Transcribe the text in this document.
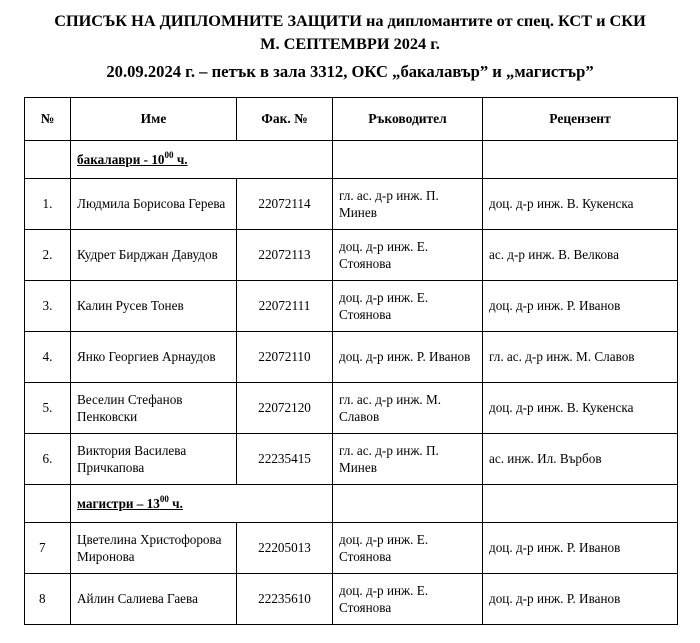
СПИСЪК НА ДИПЛОМНИТЕ ЗАЩИТИ на дипломантите от спец. КСТ и СКИ
М. СЕПТЕМВРИ 2024 г.
20.09.2024 г. – петък в зала 3312, ОКС „бакалавър” и „магистър”
№	Име	Фак. №	Ръководител	Рецензент
	бакалаври - $10^{00}$ ч.			
1.	Людмила Борисова Герева	22072114	гл. ас. д-р инж. П. Минев	доц. д-р инж. В. Кукенска
2.	Кудрет Бирджан Давудов	22072113	доц. д-р инж. Е. Стоянова	ас. д-р инж. В. Велкова
3.	Калин Русев Тонев	22072111	доц. д-р инж. Е. Стоянова	доц. д-р инж. Р. Иванов
4.	Янко Георгиев Арнаудов	22072110	доц. д-р инж. Р. Иванов	гл. ас. д-р инж. М. Славов
5.	Веселин Стефанов Пенковски	22072120	гл. ас. д-р инж. М. Славов	доц. д-р инж. В. Кукенска
6.	Виктория Василева Причкапова	22235415	гл. ас. д-р инж. П. Минев	ас. инж. Ил. Върбов
	магистри – $13^{00}$ ч.			
7	Цветелина Христофорова Миронова	22205013	доц. д-р инж. Е. Стоянова	доц. д-р инж. Р. Иванов
8	Айлин Салиева Гаева	22235610	доц. д-р инж. Е. Стоянова	доц. д-р инж. Р. Иванов
